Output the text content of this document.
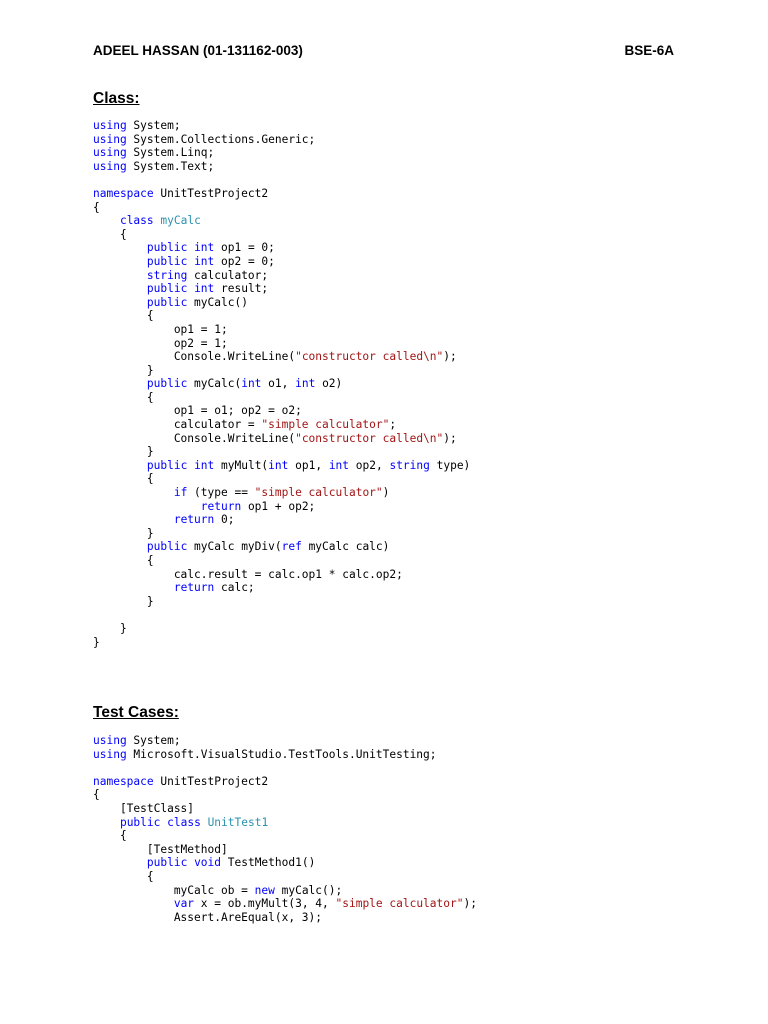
ADEEL HASSAN (01-131162-003)	BSE-6A
Class:
using System;
using System.Collections.Generic;
using System.Linq;
using System.Text;
namespace UnitTestProject2
{
class myCalc
{
public int op1 = 0;
public int op2 = 0;
string calculator;
public int result;
public myCalc()
{
op1 = 1;
op2 = 1;
Console.WriteLine("constructor called\n");
}
public myCalc(int o1, int o2)
{
op1 = o1; op2 = o2;
calculator = "simple calculator";
Console.WriteLine("constructor called\n");
}
public int myMult(int op1, int op2, string type)
{
if (type == "simple calculator")
return op1 + op2;
return 0;
}
public myCalc myDiv(ref myCalc calc)
{
calc.result = calc.op1 * calc.op2;
return calc;
}
}
}
Test Cases:
using System;
using Microsoft.VisualStudio.TestTools.UnitTesting;
namespace UnitTestProject2
{
[TestClass]
public class UnitTest1
{
[TestMethod]
public void TestMethod1()
{
myCalc ob = new myCalc();
var x = ob.myMult(3, 4, "simple calculator");
Assert.AreEqual(x, 3);
